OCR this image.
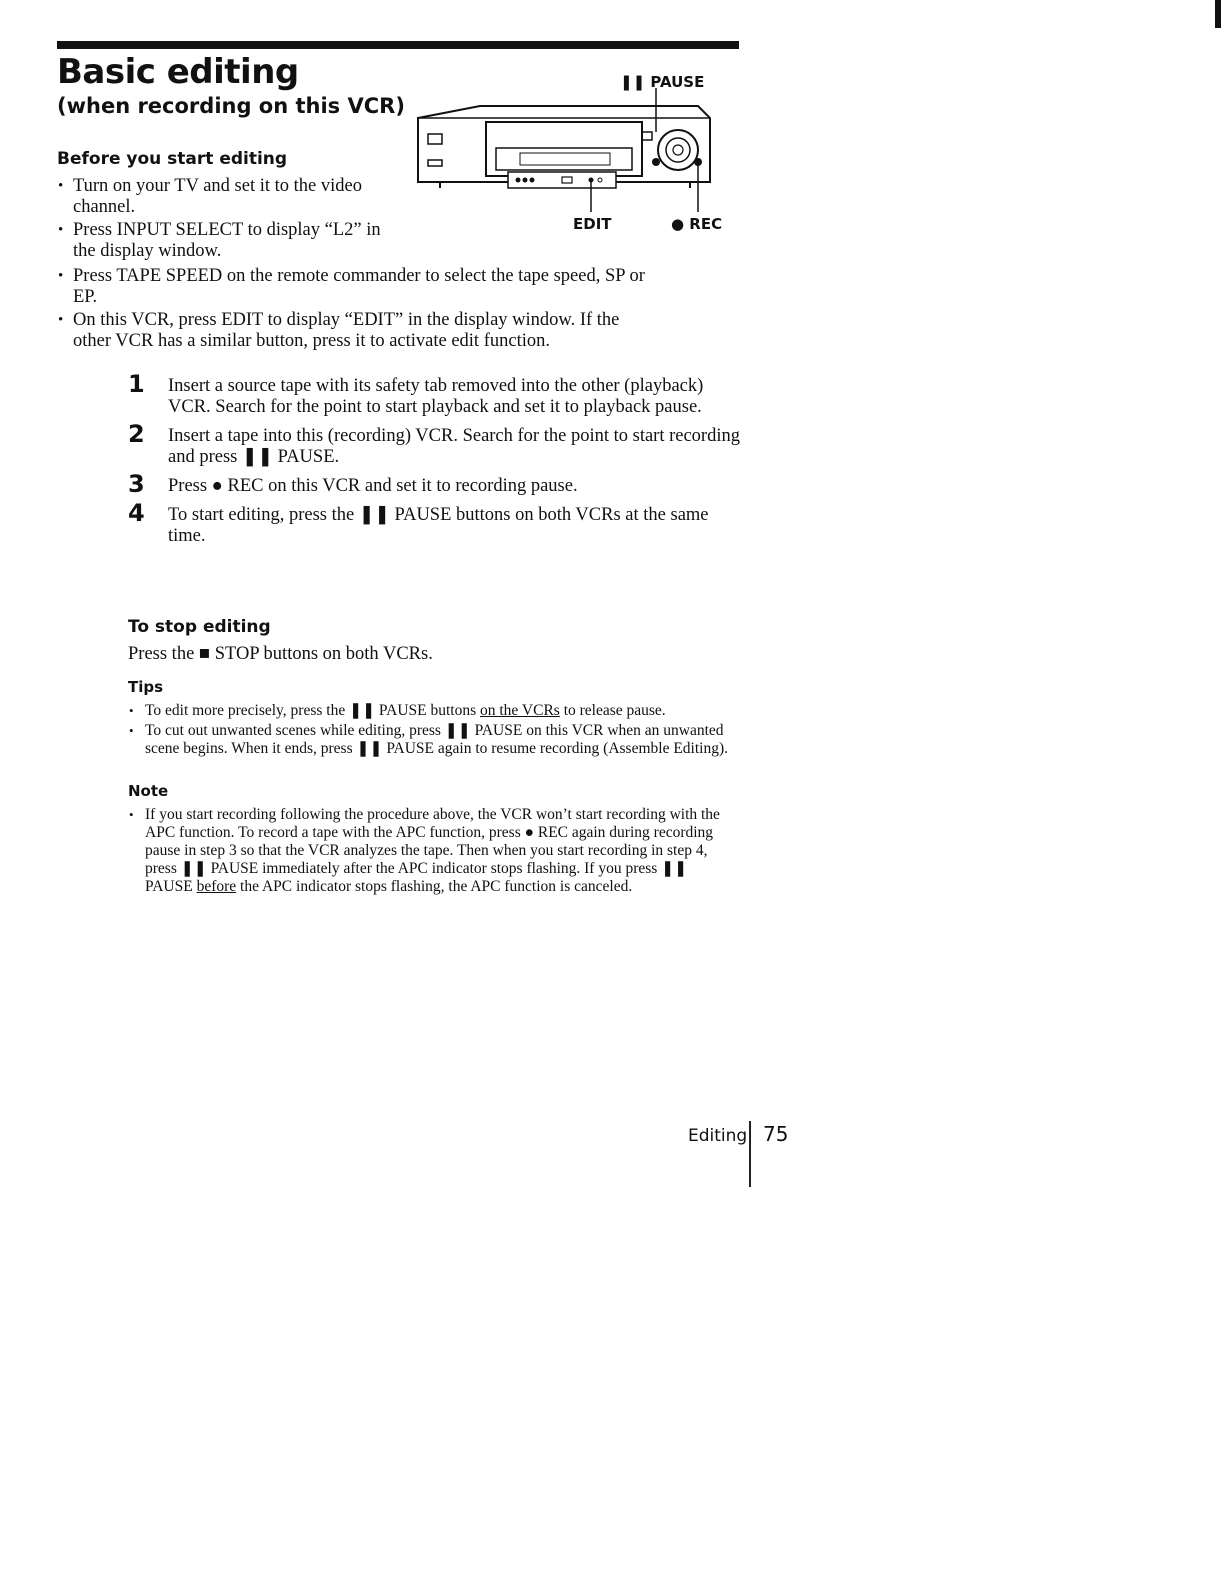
Basic editing
(when recording on this VCR)
Before you start editing
• Turn on your TV and set it to the video channel.
• Press INPUT SELECT to display “L2” in the display window.
• Press TAPE SPEED on the remote commander to select the tape speed, SP or EP.
• On this VCR, press EDIT to display “EDIT” in the display window. If the other VCR has a similar button, press it to activate edit function.
❚❚ PAUSE
EDIT	● REC
1 Insert a source tape with its safety tab removed into the other (playback) VCR. Search for the point to start playback and set it to playback pause.
2 Insert a tape into this (recording) VCR. Search for the point to start recording and press ❚❚ PAUSE.
3 Press ● REC on this VCR and set it to recording pause.
4 To start editing, press the ❚❚ PAUSE buttons on both VCRs at the same time.
To stop editing

Press the ■ STOP buttons on both VCRs.

Tips
• To edit more precisely, press the ❚❚ PAUSE buttons on the VCRs to release pause.
• To cut out unwanted scenes while editing, press ❚❚ PAUSE on this VCR when an unwanted scene begins. When it ends, press ❚❚ PAUSE again to resume recording (Assemble Editing).
Note
• If you start recording following the procedure above, the VCR won’t start recording with the APC function. To record a tape with the APC function, press ● REC again during recording pause in step 3 so that the VCR analyzes the tape. Then when you start recording in step 4, press ❚❚ PAUSE immediately after the APC indicator stops flashing. If you press ❚❚ PAUSE before the APC indicator stops flashing, the APC function is canceled.
Editing 75
